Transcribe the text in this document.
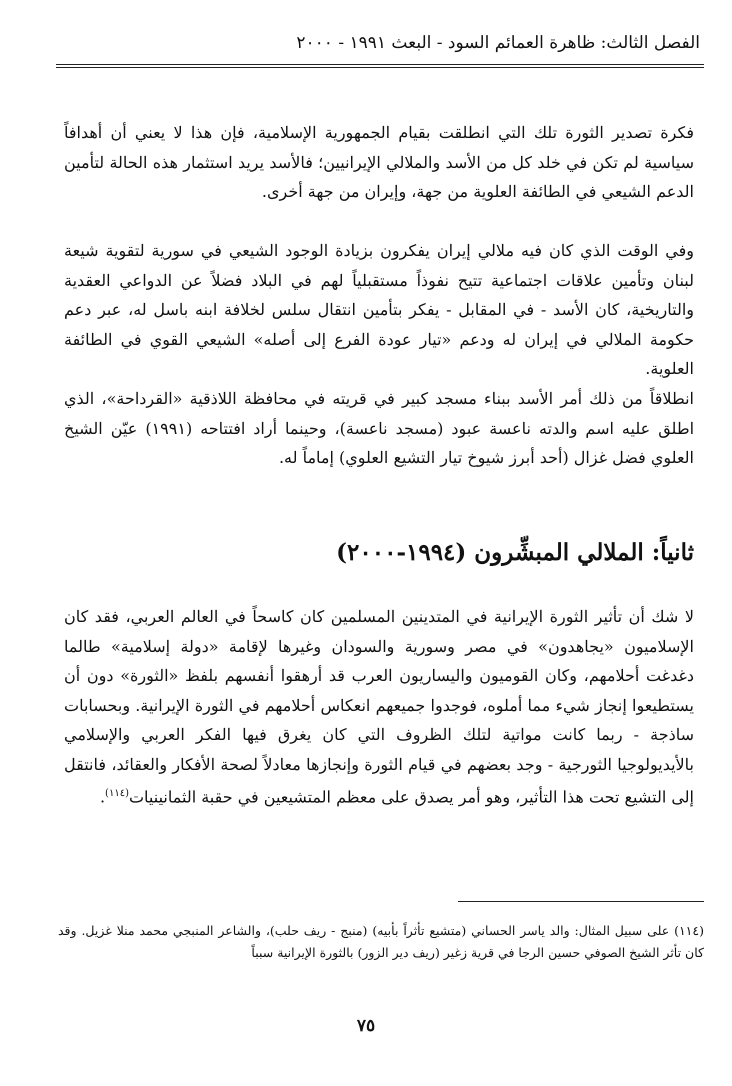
الفصل الثالث: ظاهرة العمائم السود - البعث ١٩٩١ - ٢٠٠٠

فكرة تصدير الثورة تلك التي انطلقت بقيام الجمهورية الإسلامية، فإن هذا لا يعني أن أهدافاً سياسية لم تكن في خلد كل من الأسد والملالي الإيرانيين؛ فالأسد يريد استثمار هذه الحالة لتأمين الدعم الشيعي في الطائفة العلوية من جهة، وإيران من جهة أخرى.

وفي الوقت الذي كان فيه ملالي إيران يفكرون بزيادة الوجود الشيعي في سورية لتقوية شيعة لبنان وتأمين علاقات اجتماعية تتيح نفوذاً مستقبلياً لهم في البلاد فضلاً عن الدواعي العقدية والتاريخية، كان الأسد - في المقابل - يفكر بتأمين انتقال سلس لخلافة ابنه باسل له، عبر دعم حكومة الملالي في إيران له ودعم «تيار عودة الفرع إلى أصله» الشيعي القوي في الطائفة العلوية.

انطلاقاً من ذلك أمر الأسد ببناء مسجد كبير في قريته في محافظة اللاذقية «القرداحة»، الذي اطلق عليه اسم والدته ناعسة عبود (مسجد ناعسة)، وحينما أراد افتتاحه (١٩٩١) عيّن الشيخ العلوي فضل غزال (أحد أبرز شيوخ تيار التشيع العلوي) إماماً له.

ثانياً: الملالي المبشِّرون (١٩٩٤-٢٠٠٠)

لا شك أن تأثير الثورة الإيرانية في المتدينين المسلمين كان كاسحاً في العالم العربي، فقد كان الإسلاميون «يجاهدون» في مصر وسورية والسودان وغيرها لإقامة «دولة إسلامية» طالما دغدغت أحلامهم، وكان القوميون واليساريون العرب قد أرهقوا أنفسهم بلفظ «الثورة» دون أن يستطيعوا إنجاز شيء مما أملوه، فوجدوا جميعهم انعكاس أحلامهم في الثورة الإيرانية. وبحسابات ساذجة - ربما كانت مواتية لتلك الظروف التي كان يغرق فيها الفكر العربي والإسلامي بالأيديولوجيا الثورجية - وجد بعضهم في قيام الثورة وإنجازها معادلاً لصحة الأفكار والعقائد، فانتقل إلى التشيع تحت هذا التأثير، وهو أمر يصدق على معظم المتشيعين في حقبة الثمانينيات$^{(١١٤)}$.

(١١٤) على سبيل المثال: والد ياسر الحساني (متشيع تأثراً بأبيه) (منبج - ريف حلب)، والشاعر المنبجي محمد منلا غزيل. وقد كان تأثر الشيخ الصوفي حسين الرجا في قرية زغير (ريف دير الزور) بالثورة الإيرانية سبباً

٧٥
